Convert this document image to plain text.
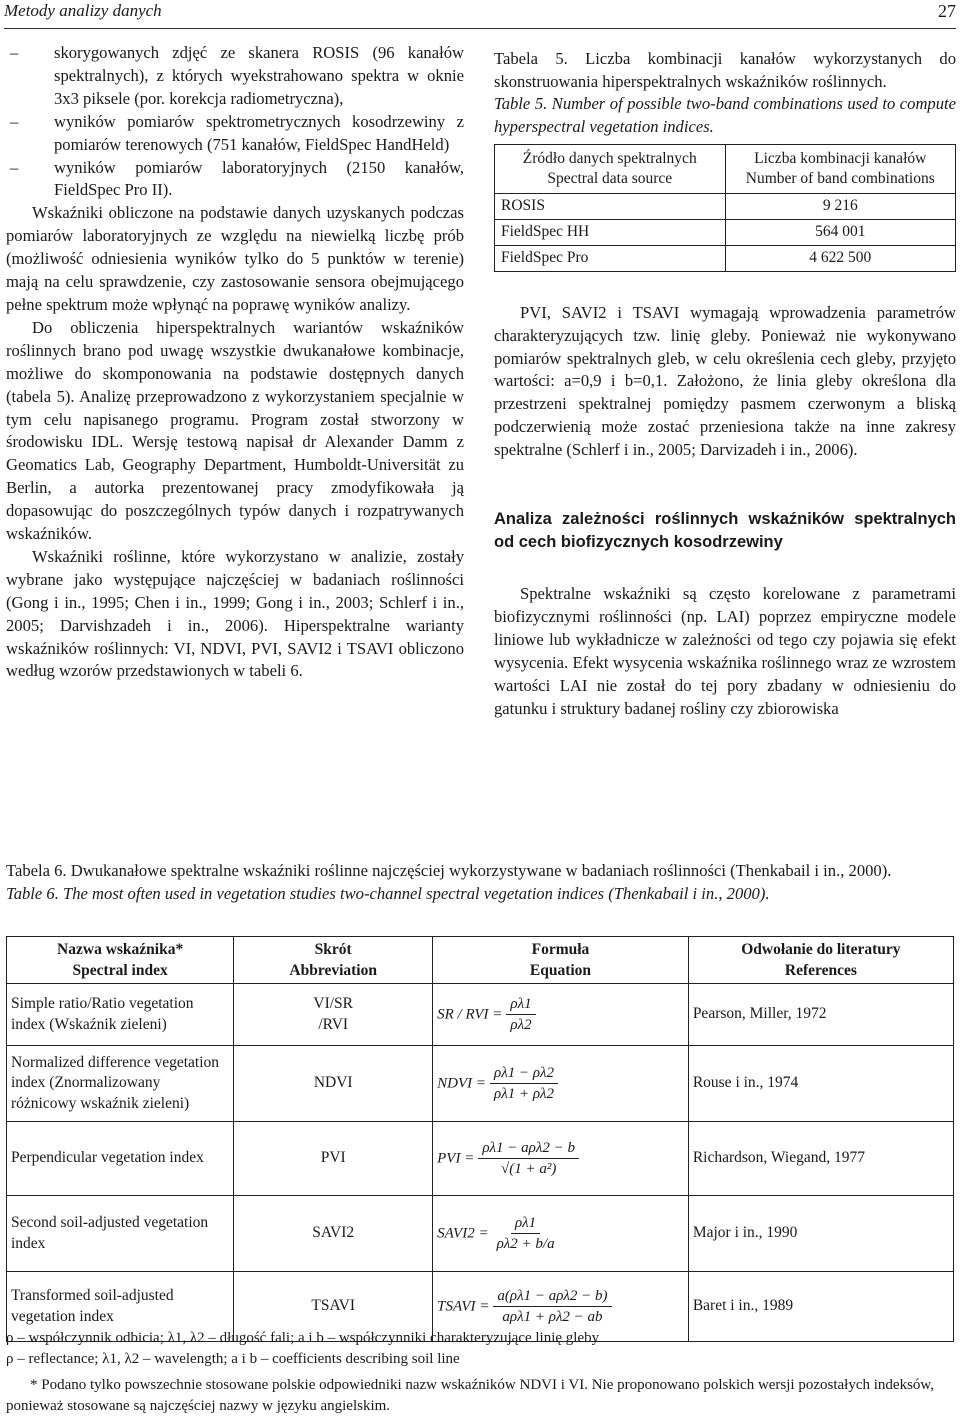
Metody analizy danych	27
–	skorygowanych zdjęć ze skanera ROSIS (96 kanałów spektralnych), z których wyekstrahowano spektra w oknie 3x3 piksele (por. korekcja radiometryczna),
–	wyników pomiarów spektrometrycznych kosodrzewiny z pomiarów terenowych (751 kanałów, FieldSpec HandHeld)
–	wyników pomiarów laboratoryjnych (2150 kanałów, FieldSpec Pro II).

Wskaźniki obliczone na podstawie danych uzyskanych podczas pomiarów laboratoryjnych ze względu na niewielką liczbę prób (możliwość odniesienia wyników tylko do 5 punktów w terenie) mają na celu sprawdzenie, czy zastosowanie sensora obejmującego pełne spektrum może wpłynąć na poprawę wyników analizy.

Do obliczenia hiperspektralnych wariantów wskaźników roślinnych brano pod uwagę wszystkie dwukanałowe kombinacje, możliwe do skomponowania na podstawie dostępnych danych (tabela 5). Analizę przeprowadzono z wykorzystaniem specjalnie w tym celu napisanego programu. Program został stworzony w środowisku IDL. Wersję testową napisał dr Alexander Damm z Geomatics Lab, Geography Department, Humboldt-Universität zu Berlin, a autorka prezentowanej pracy zmodyfikowała ją dopasowując do poszczególnych typów danych i rozpatrywanych wskaźników.

Wskaźniki roślinne, które wykorzystano w analizie, zostały wybrane jako występujące najczęściej w badaniach roślinności (Gong i in., 1995; Chen i in., 1999; Gong i in., 2003; Schlerf i in., 2005; Darvishzadeh i in., 2006). Hiperspektralne warianty wskaźników roślinnych: VI, NDVI, PVI, SAVI2 i TSAVI obliczono według wzorów przedstawionych w tabeli 6.

Tabela 5. Liczba kombinacji kanałów wykorzystanych do skonstruowania hiperspektralnych wskaźników roślinnych.
Table 5. Number of possible two-band combinations used to compute hyperspectral vegetation indices.
Źródło danych spektralnych
Spectral data source	Liczba kombinacji kanałów
Number of band combinations
ROSIS	9 216
FieldSpec HH	564 001
FieldSpec Pro	4 622 500

PVI, SAVI2 i TSAVI wymagają wprowadzenia parametrów charakteryzujących tzw. linię gleby. Ponieważ nie wykonywano pomiarów spektralnych gleb, w celu określenia cech gleby, przyjęto wartości: a=0,9 i b=0,1. Założono, że linia gleby określona dla przestrzeni spektralnej pomiędzy pasmem czerwonym a bliską podczerwienią może zostać przeniesiona także na inne zakresy spektralne (Schlerf i in., 2005; Darvizadeh i in., 2006).

Analiza zależności roślinnych wskaźników spektralnych od cech biofizycznych kosodrzewiny

Spektralne wskaźniki są często korelowane z parametrami biofizycznymi roślinności (np. LAI) poprzez empiryczne modele liniowe lub wykładnicze w zależności od tego czy pojawia się efekt wysycenia. Efekt wysycenia wskaźnika roślinnego wraz ze wzrostem wartości LAI nie został do tej pory zbadany w odniesieniu do gatunku i struktury badanej rośliny czy zbiorowiska

Tabela 6. Dwukanałowe spektralne wskaźniki roślinne najczęściej wykorzystywane w badaniach roślinności (Thenkabail i in., 2000).
Table 6. The most often used in vegetation studies two-channel spectral vegetation indices (Thenkabail i in., 2000).
Nazwa wskaźnika*
Spectral index	Skrót
Abbreviation	Formuła
Equation	Odwołanie do literatury
References
Simple ratio/Ratio vegetation index (Wskaźnik zieleni)	VI/SR
/RVI	SR / RVI = $\frac{\rho\lambda 1}{\rho\lambda 2}$	Pearson, Miller, 1972
Normalized difference vegetation index (Znormalizowany różnicowy wskaźnik zieleni)	NDVI	NDVI = $\frac{\rho\lambda 1 - \rho\lambda 2}{\rho\lambda 1 + \rho\lambda 2}$	Rouse i in., 1974
Perpendicular vegetation index	PVI	PVI = $\frac{\text{ρλ1 − aρλ2 − b}}{\text{√(1 + a²)}}$	Richardson, Wiegand, 1977
Second soil-adjusted vegetation index	SAVI2	SAVI2 = $\frac{\rho\lambda 1}{\rho\lambda 2 + b/a}$	Major i in., 1990
Transformed soil-adjusted vegetation index	TSAVI	TSAVI = $\frac{\text{a(ρλ1 − aρλ2 − b)}}{\text{aρλ1 + ρλ2 − ab}}$	Baret i in., 1989

ρ – współczynnik odbicia; λ1, λ2 – długość fali; a i b – współczynniki charakteryzujące linię gleby

ρ – reflectance; λ1, λ2 – wavelength; a i b – coefficients describing soil line

* Podano tylko powszechnie stosowane polskie odpowiedniki nazw wskaźników NDVI i VI. Nie proponowano polskich wersji pozostałych indeksów, ponieważ stosowane są najczęściej nazwy w języku angielskim.
